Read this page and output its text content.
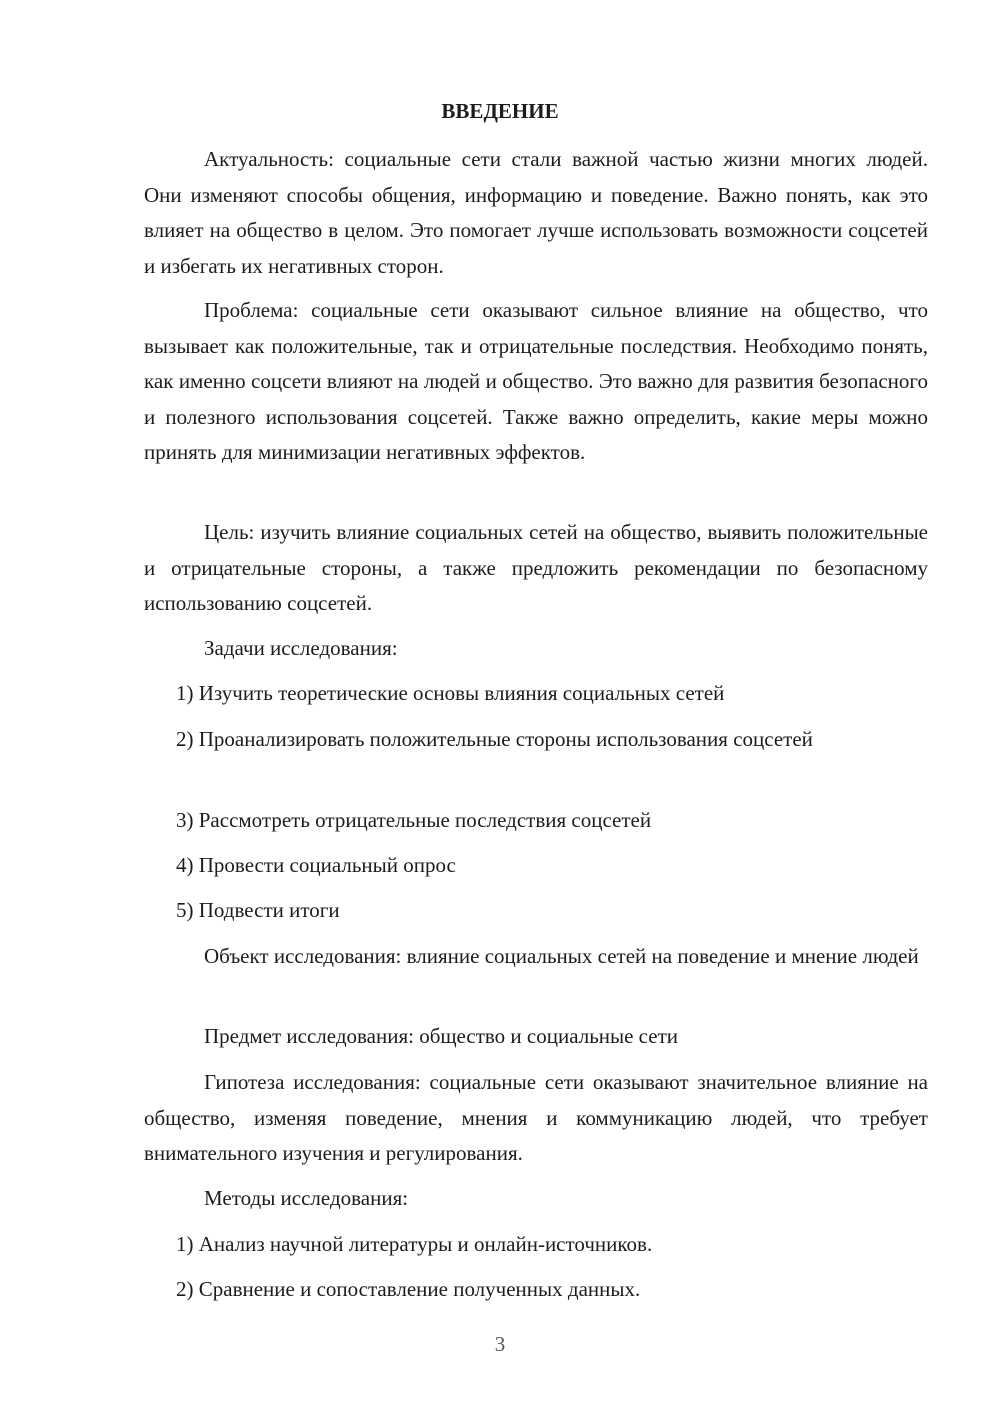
ВВЕДЕНИЕ

Актуальность: социальные сети стали важной частью жизни многих людей. Они изменяют способы общения, информацию и поведение. Важно понять, как это влияет на общество в целом. Это помогает лучше использовать возможности соцсетей и избегать их негативных сторон.

Проблема: социальные сети оказывают сильное влияние на общество, что вызывает как положительные, так и отрицательные последствия. Необходимо понять, как именно соцсети влияют на людей и общество. Это важно для развития безопасного и полезного использования соцсетей. Также важно определить, какие меры можно принять для минимизации негативных эффектов.

Цель: изучить влияние социальных сетей на общество, выявить положительные и отрицательные стороны, а также предложить рекомендации по безопасному использованию соцсетей.

Задачи исследования:

1) Изучить теоретические основы влияния социальных сетей

2) Проанализировать положительные стороны использования соцсетей

3) Рассмотреть отрицательные последствия соцсетей

4) Провести социальный опрос

5) Подвести итоги

Объект исследования: влияние социальных сетей на поведение и мнение людей

Предмет исследования: общество и социальные сети

Гипотеза исследования: социальные сети оказывают значительное влияние на общество, изменяя поведение, мнения и коммуникацию людей, что требует внимательного изучения и регулирования.

Методы исследования:

1) Анализ научной литературы и онлайн-источников.

2) Сравнение и сопоставление полученных данных.

3
